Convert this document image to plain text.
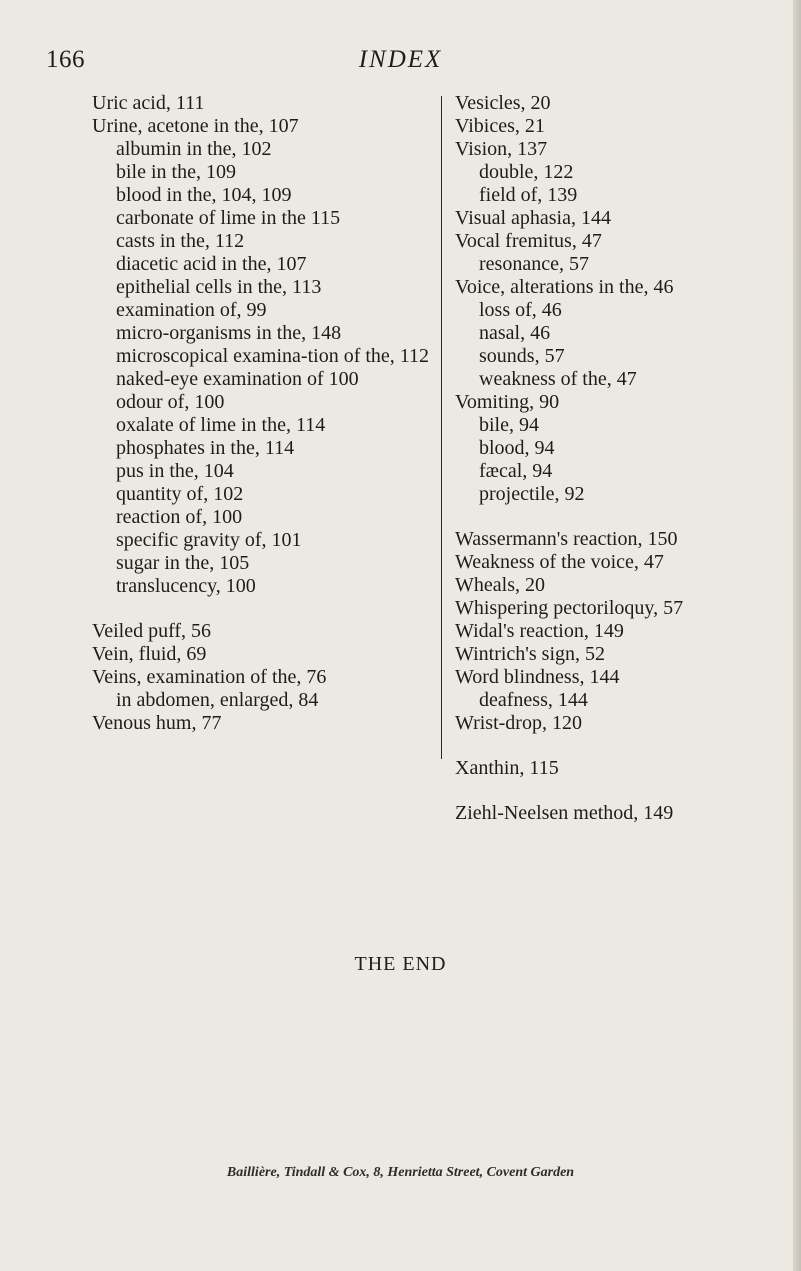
166	INDEX

Uric acid, 111

Urine, acetone in the, 107

albumin in the, 102

bile in the, 109

blood in the, 104, 109

carbonate of lime in the 115

casts in the, 112

diacetic acid in the, 107

epithelial cells in the, 113

examination of, 99

micro-organisms in the, 148

microscopical examina-tion of the, 112

naked-eye examination of 100

odour of, 100

oxalate of lime in the, 114

phosphates in the, 114

pus in the, 104

quantity of, 102

reaction of, 100

specific gravity of, 101

sugar in the, 105

translucency, 100

Veiled puff, 56

Vein, fluid, 69

Veins, examination of the, 76

in abdomen, enlarged, 84

Venous hum, 77

Vesicles, 20

Vibices, 21

Vision, 137

double, 122

field of, 139

Visual aphasia, 144

Vocal fremitus, 47

resonance, 57

Voice, alterations in the, 46

loss of, 46

nasal, 46

sounds, 57

weakness of the, 47

Vomiting, 90

bile, 94

blood, 94

fæcal, 94

projectile, 92

Wassermann's reaction, 150

Weakness of the voice, 47

Wheals, 20

Whispering pectoriloquy, 57

Widal's reaction, 149

Wintrich's sign, 52

Word blindness, 144

deafness, 144

Wrist-drop, 120

Xanthin, 115

Ziehl-Neelsen method, 149

THE END
Baillière, Tindall & Cox, 8, Henrietta Street, Covent Garden
